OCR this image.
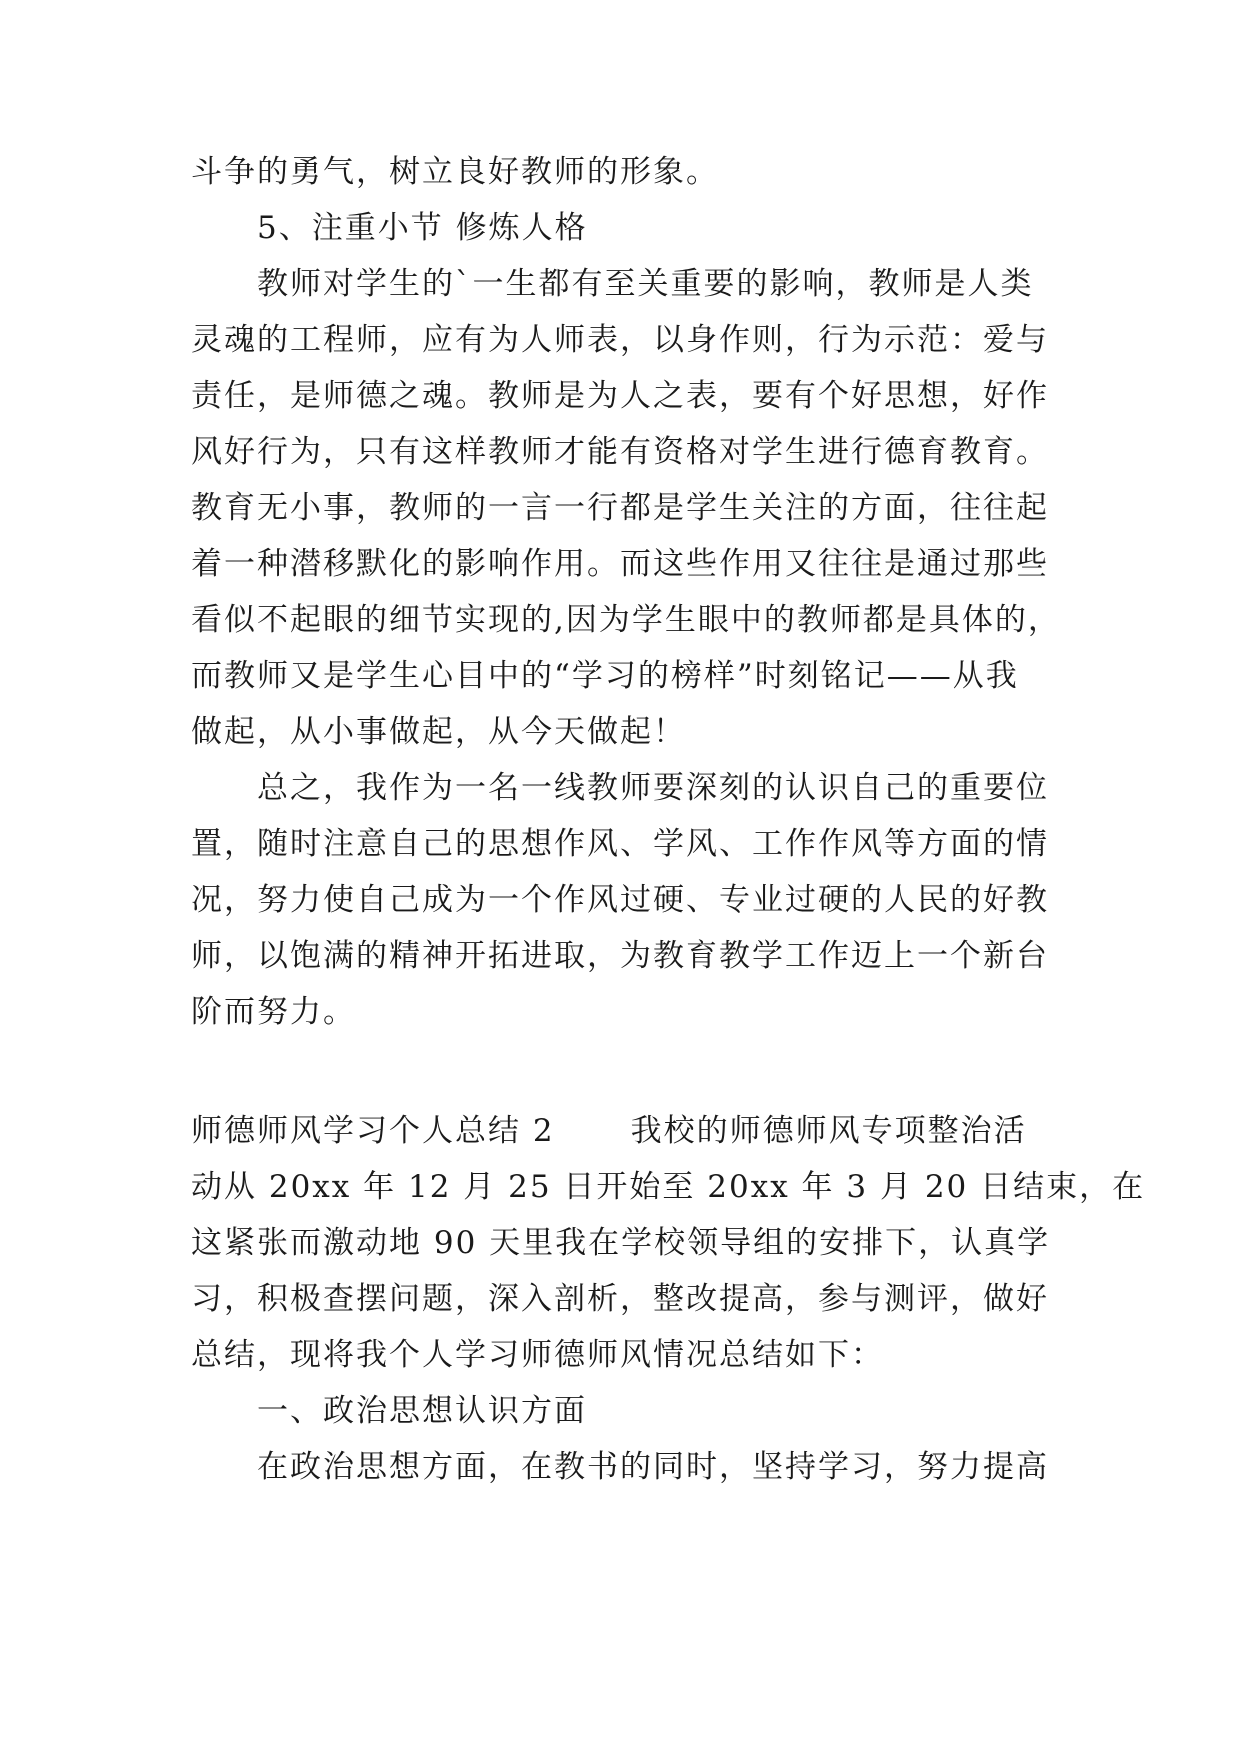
斗争的勇气，树立良好教师的形象。
5、注重小节 修炼人格
教师对学生的`一生都有至关重要的影响，教师是人类
灵魂的工程师，应有为人师表，以身作则，行为示范：爱与
责任，是师德之魂。教师是为人之表，要有个好思想，好作
风好行为，只有这样教师才能有资格对学生进行德育教育。
教育无小事，教师的一言一行都是学生关注的方面，往往起
着一种潜移默化的影响作用。而这些作用又往往是通过那些
看似不起眼的细节实现的,因为学生眼中的教师都是具体的，
而教师又是学生心目中的“学习的榜样”时刻铭记——从我
做起，从小事做起，从今天做起！
总之，我作为一名一线教师要深刻的认识自己的重要位
置，随时注意自己的思想作风、学风、工作作风等方面的情
况，努力使自己成为一个作风过硬、专业过硬的人民的好教
师，以饱满的精神开拓进取，为教育教学工作迈上一个新台
阶而努力。
师德师风学习个人总结 2 我校的师德师风专项整治活
动从 20xx 年 12 月 25 日开始至 20xx 年 3 月 20 日结束，在
这紧张而激动地 90 天里我在学校领导组的安排下，认真学
习，积极查摆问题，深入剖析，整改提高，参与测评，做好
总结，现将我个人学习师德师风情况总结如下：
一、政治思想认识方面
在政治思想方面，在教书的同时，坚持学习，努力提高
